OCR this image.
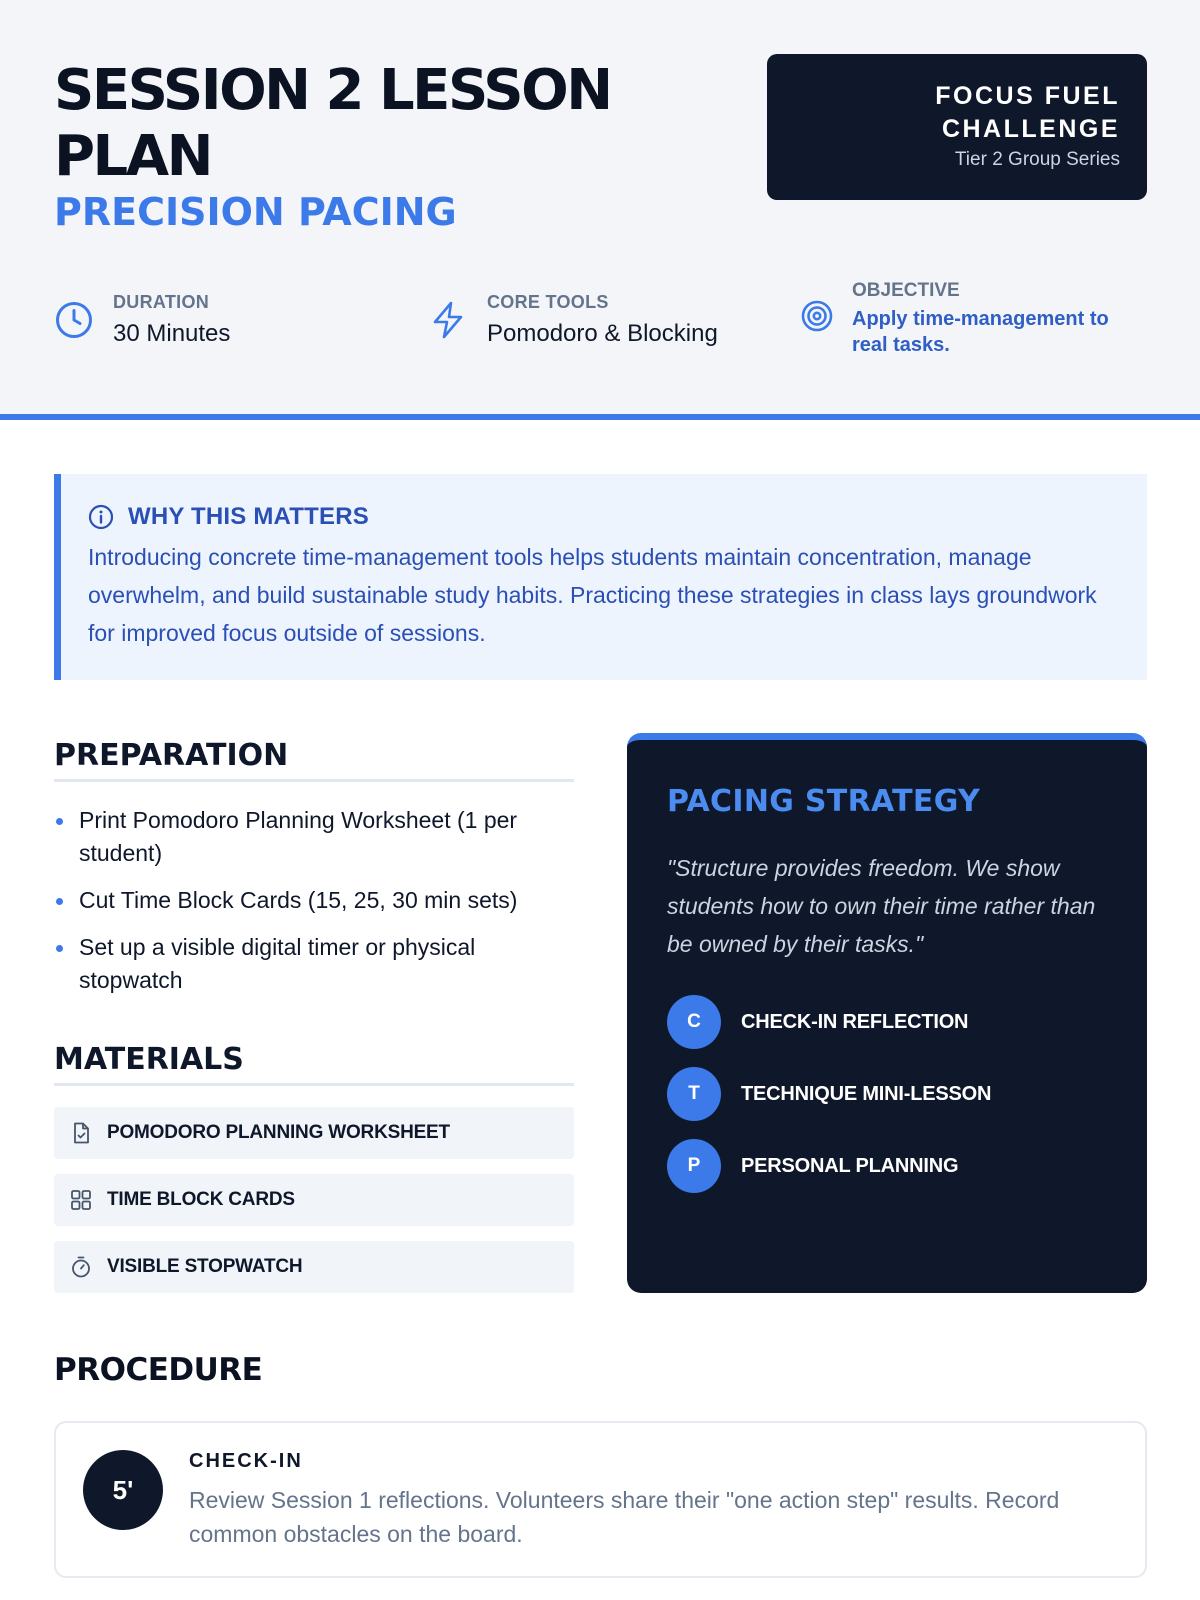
SESSION 2 LESSON PLAN
PRECISION PACING
FOCUS FUEL CHALLENGE
Tier 2 Group Series
DURATION
30 Minutes
CORE TOOLS
Pomodoro & Blocking
OBJECTIVE
Apply time-management to real tasks.
WHY THIS MATTERS

Introducing concrete time-management tools helps students maintain concentration, manage overwhelm, and build sustainable study habits. Practicing these strategies in class lays groundwork for improved focus outside of sessions.

PREPARATION
Print Pomodoro Planning Worksheet (1 per student)
Cut Time Block Cards (15, 25, 30 min sets)
Set up a visible digital timer or physical stopwatch
MATERIALS
POMODORO PLANNING WORKSHEET
TIME BLOCK CARDS
VISIBLE STOPWATCH
PACING STRATEGY

"Structure provides freedom. We show students how to own their time rather than be owned by their tasks."

C	CHECK-IN REFLECTION
T	TECHNIQUE MINI-LESSON
P	PERSONAL PLANNING
PROCEDURE
5'
CHECK-IN

Review Session 1 reflections. Volunteers share their "one action step" results. Record common obstacles on the board.
